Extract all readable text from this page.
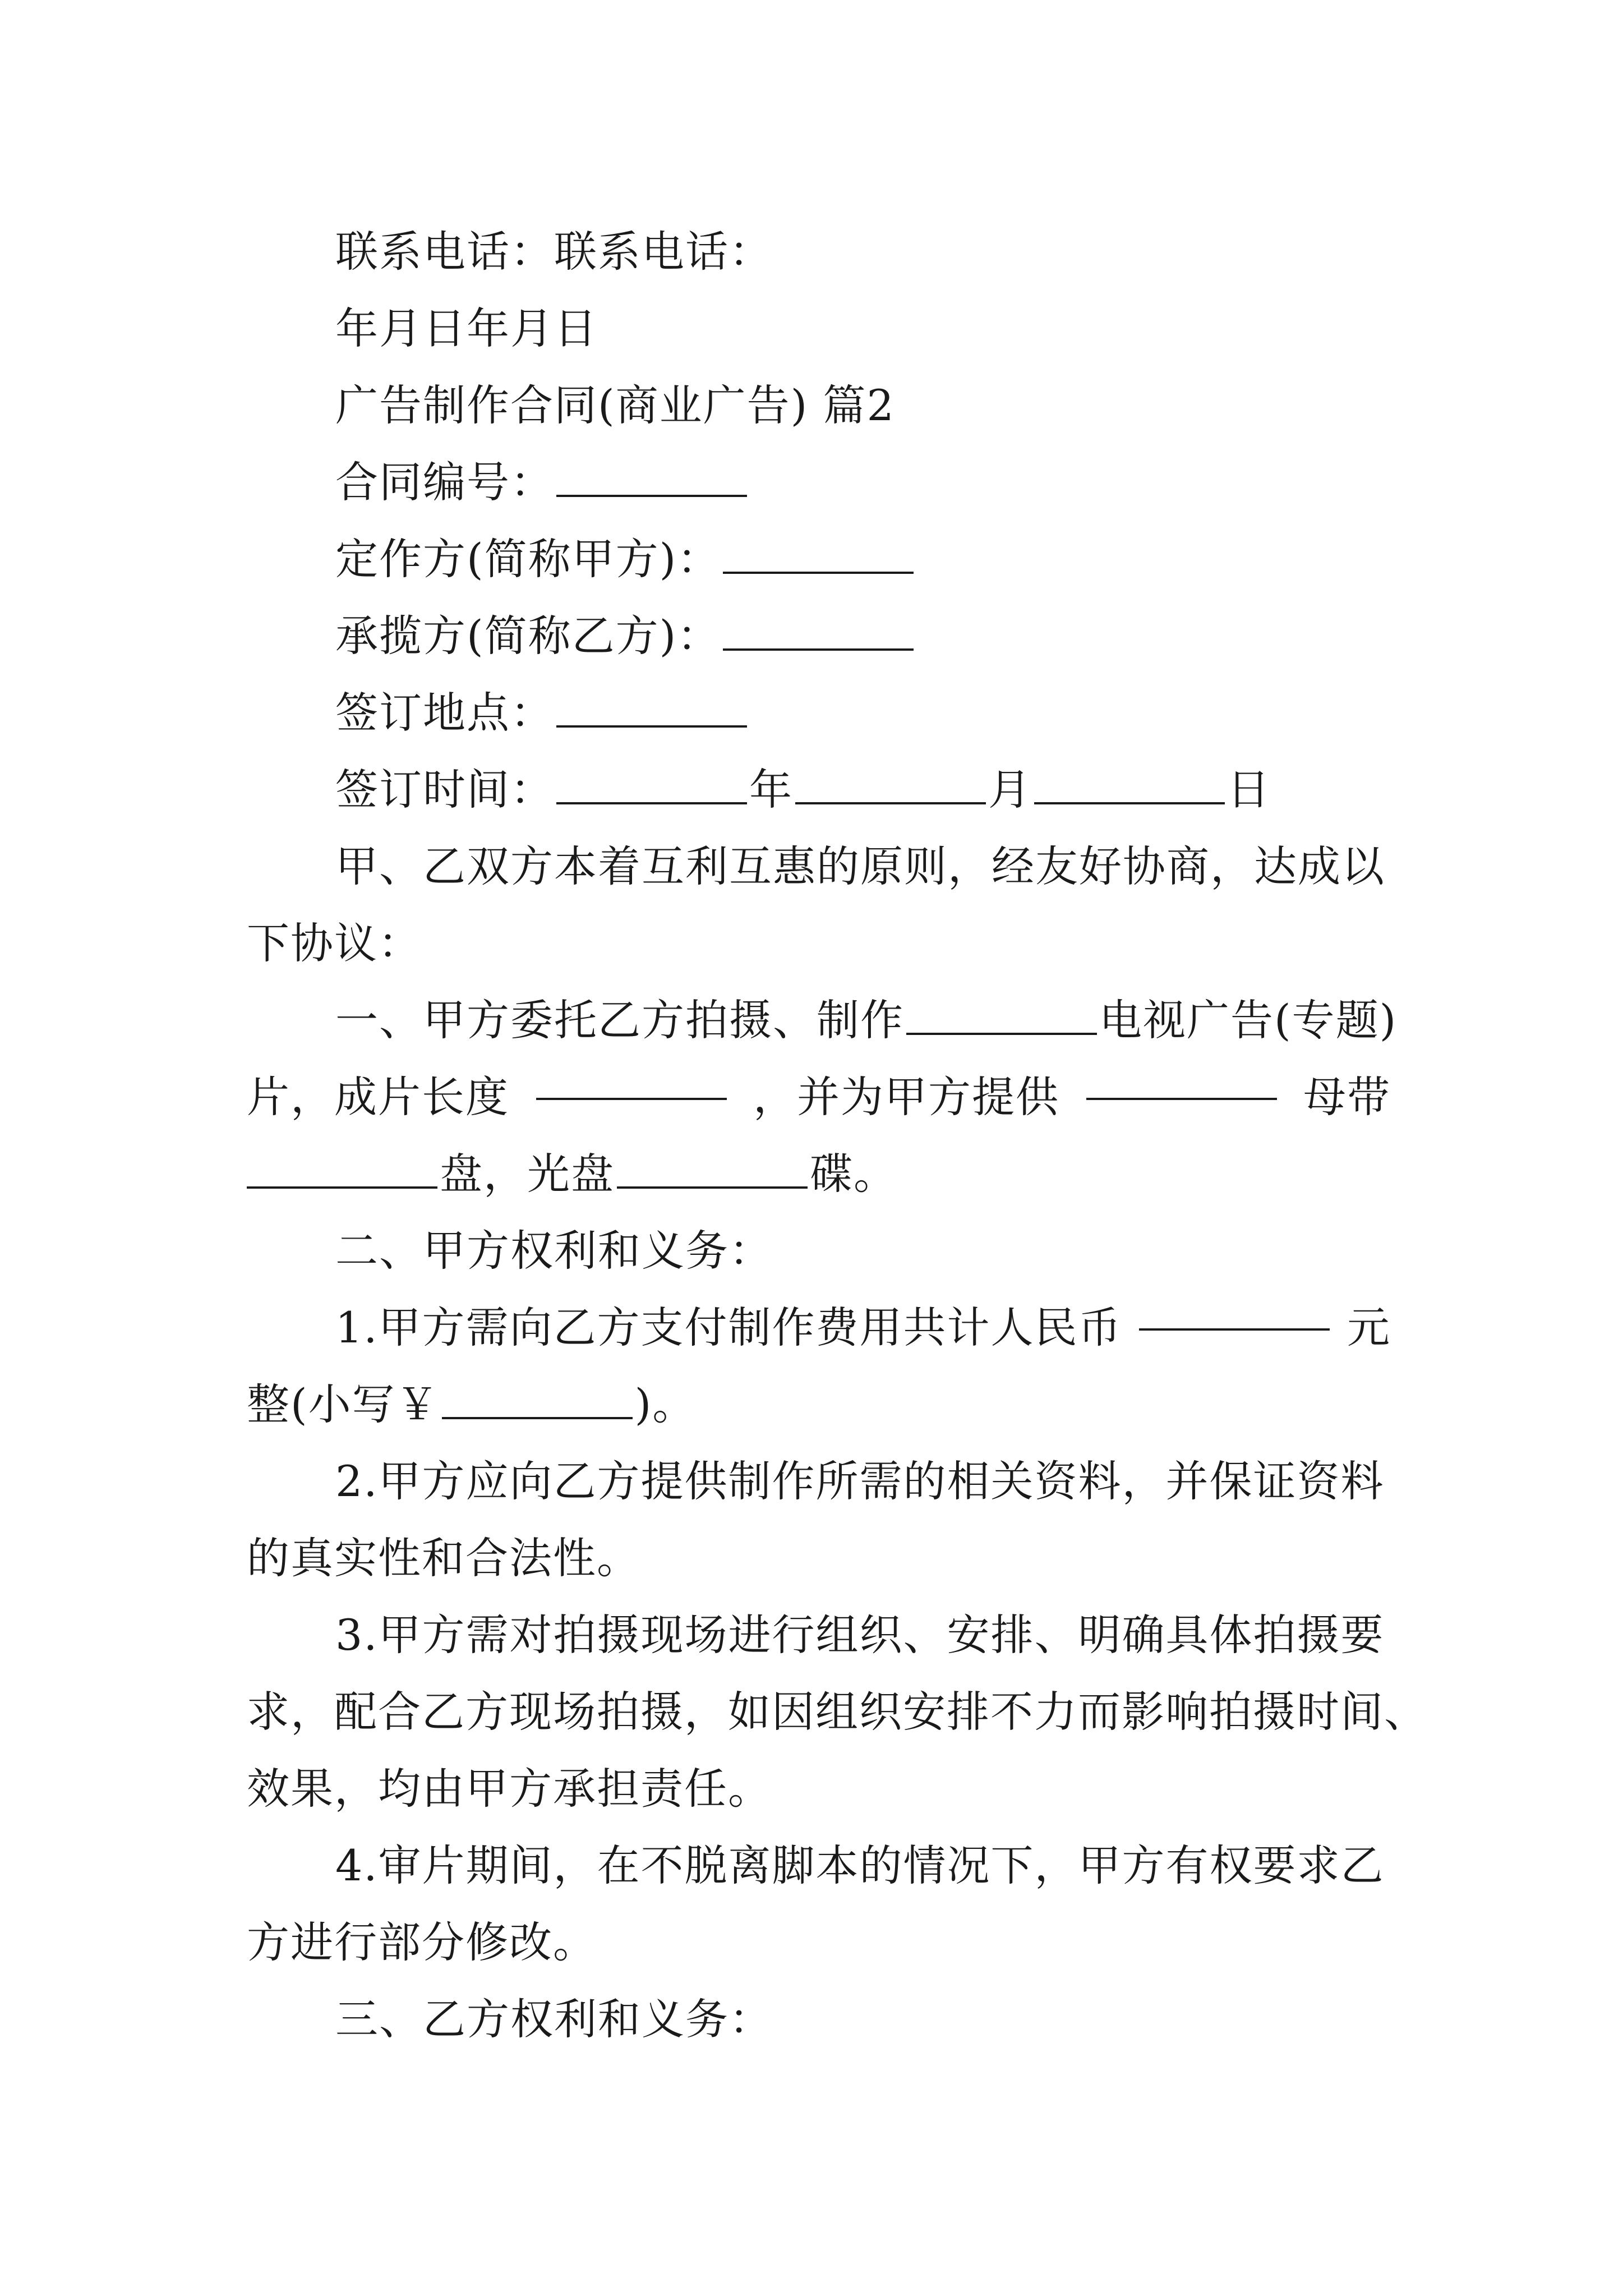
联系电话：联系电话：
年月日年月日
广告制作合同(商业广告) 篇2
合同编号：
定作方(简称甲方)：
承揽方(简称乙方)：
签订地点：
签订时间：	年	月	日
甲、乙双方本着互利互惠的原则，经友好协商，达成以
下协议：
一、甲方委托乙方拍摄、制作	电视广告(专题)
片，成片长度	，并为甲方提供	母带
盘，光盘	碟。
二、甲方权利和义务：
1.甲方需向乙方支付制作费用共计人民币	元
整(小写￥	)。
2.甲方应向乙方提供制作所需的相关资料，并保证资料
的真实性和合法性。
3.甲方需对拍摄现场进行组织、安排、明确具体拍摄要
求，配合乙方现场拍摄，如因组织安排不力而影响拍摄时间、
效果，均由甲方承担责任。
4.审片期间，在不脱离脚本的情况下，甲方有权要求乙
方进行部分修改。
三、乙方权利和义务：
